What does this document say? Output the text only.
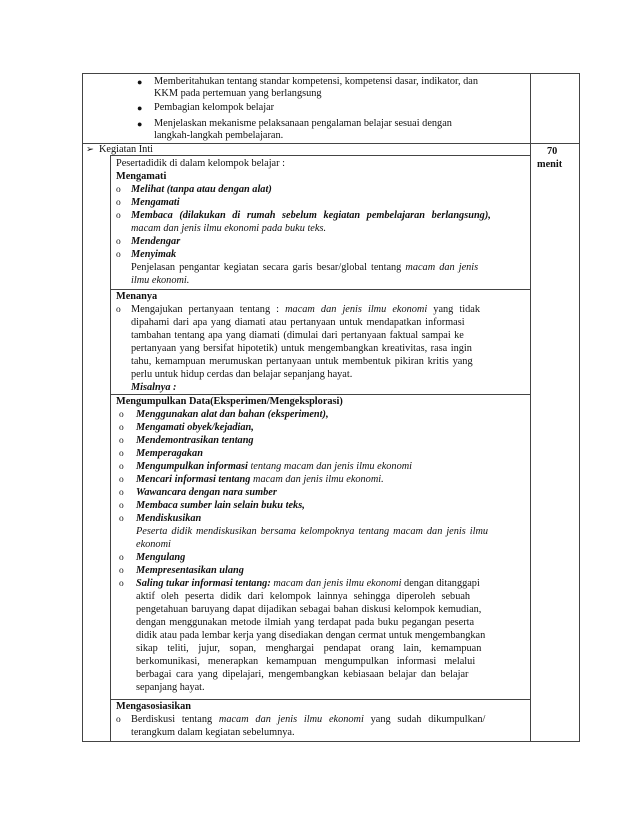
● Memberitahukan tentang standar kompetensi, kompetensi dasar, indikator, dan
KKM pada pertemuan yang berlangsung
● Pembagian kelompok belajar
● Menjelaskan mekanisme pelaksanaan pengalaman belajar sesuai dengan
langkah-langkah pembelajaran.
➢ Kegiatan Inti	70
menit
Pesertadidik di dalam kelompok belajar :
Mengamati
o Melihat (tanpa atau dengan alat)
o Mengamati
o Membaca (dilakukan di rumah sebelum kegiatan pembelajaran berlangsung),
macam dan jenis ilmu ekonomi pada buku teks.
o Mendengar
o Menyimak
Penjelasan pengantar kegiatan secara garis besar/global tentang macam dan jenis
ilmu ekonomi.
Menanya
o Mengajukan pertanyaan tentang : macam dan jenis ilmu ekonomi yang tidak
dipahami dari apa yang diamati atau pertanyaan untuk mendapatkan informasi
tambahan tentang apa yang diamati (dimulai dari pertanyaan faktual sampai ke
pertanyaan yang bersifat hipotetik) untuk mengembangkan kreativitas, rasa ingin
tahu, kemampuan merumuskan pertanyaan untuk membentuk pikiran kritis yang
perlu untuk hidup cerdas dan belajar sepanjang hayat.
Misalnya :
Mengumpulkan Data(Eksperimen/Mengeksplorasi)
o Menggunakan alat dan bahan (eksperiment),
o Mengamati obyek/kejadian,
o Mendemontrasikan tentang
o Memperagakan
o Mengumpulkan informasi tentang macam dan jenis ilmu ekonomi
o Mencari informasi tentang macam dan jenis ilmu ekonomi.
o Wawancara dengan nara sumber
o Membaca sumber lain selain buku teks,
o Mendiskusikan
Peserta didik mendiskusikan bersama kelompoknya tentang macam dan jenis ilmu
ekonomi
o Mengulang
o Mempresentasikan ulang
o Saling tukar informasi tentang: macam dan jenis ilmu ekonomi dengan ditanggapi
aktif oleh peserta didik dari kelompok lainnya sehingga diperoleh sebuah
pengetahuan baruyang dapat dijadikan sebagai bahan diskusi kelompok kemudian,
dengan menggunakan metode ilmiah yang terdapat pada buku pegangan peserta
didik atau pada lembar kerja yang disediakan dengan cermat untuk mengembangkan
sikap teliti, jujur, sopan, menghargai pendapat orang lain, kemampuan
berkomunikasi, menerapkan kemampuan mengumpulkan informasi melalui
berbagai cara yang dipelajari, mengembangkan kebiasaan belajar dan belajar
sepanjang hayat.
Mengasosiasikan
o Berdiskusi tentang macam dan jenis ilmu ekonomi yang sudah dikumpulkan/
terangkum dalam kegiatan sebelumnya.
